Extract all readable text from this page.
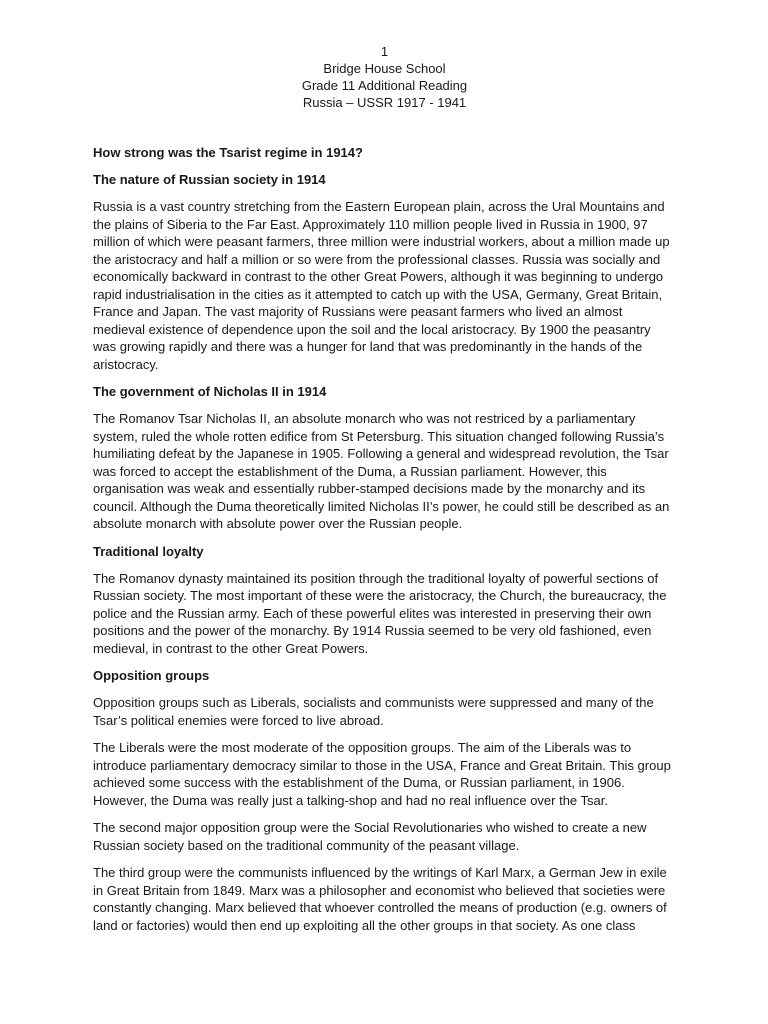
1
Bridge House School
Grade 11 Additional Reading
Russia – USSR 1917 - 1941
How strong was the Tsarist regime in 1914?
The nature of Russian society in 1914

Russia is a vast country stretching from the Eastern European plain, across the Ural Mountains and the plains of Siberia to the Far East. Approximately 110 million people lived in Russia in 1900, 97 million of which were peasant farmers, three million were industrial workers, about a million made up the aristocracy and half a million or so were from the professional classes. Russia was socially and economically backward in contrast to the other Great Powers, although it was beginning to undergo rapid industrialisation in the cities as it attempted to catch up with the USA, Germany, Great Britain, France and Japan. The vast majority of Russians were peasant farmers who lived an almost medieval existence of dependence upon the soil and the local aristocracy. By 1900 the peasantry was growing rapidly and there was a hunger for land that was predominantly in the hands of the aristocracy.

The government of Nicholas II in 1914

The Romanov Tsar Nicholas II, an absolute monarch who was not restriced by a parliamentary system, ruled the whole rotten edifice from St Petersburg. This situation changed following Russia’s humiliating defeat by the Japanese in 1905. Following a general and widespread revolution, the Tsar was forced to accept the establishment of the Duma, a Russian parliament. However, this organisation was weak and essentially rubber-stamped decisions made by the monarchy and its council. Although the Duma theoretically limited Nicholas II’s power, he could still be described as an absolute monarch with absolute power over the Russian people.

Traditional loyalty

The Romanov dynasty maintained its position through the traditional loyalty of powerful sections of Russian society. The most important of these were the aristocracy, the Church, the bureaucracy, the police and the Russian army. Each of these powerful elites was interested in preserving their own positions and the power of the monarchy. By 1914 Russia seemed to be very old fashioned, even medieval, in contrast to the other Great Powers.

Opposition groups

Opposition groups such as Liberals, socialists and communists were suppressed and many of the Tsar’s political enemies were forced to live abroad.

The Liberals were the most moderate of the opposition groups. The aim of the Liberals was to introduce parliamentary democracy similar to those in the USA, France and Great Britain. This group achieved some success with the establishment of the Duma, or Russian parliament, in 1906. However, the Duma was really just a talking-shop and had no real influence over the Tsar.

The second major opposition group were the Social Revolutionaries who wished to create a new Russian society based on the traditional community of the peasant village.

The third group were the communists influenced by the writings of Karl Marx, a German Jew in exile in Great Britain from 1849. Marx was a philosopher and economist who believed that societies were constantly changing. Marx believed that whoever controlled the means of production (e.g. owners of land or factories) would then end up exploiting all the other groups in that society. As one class
